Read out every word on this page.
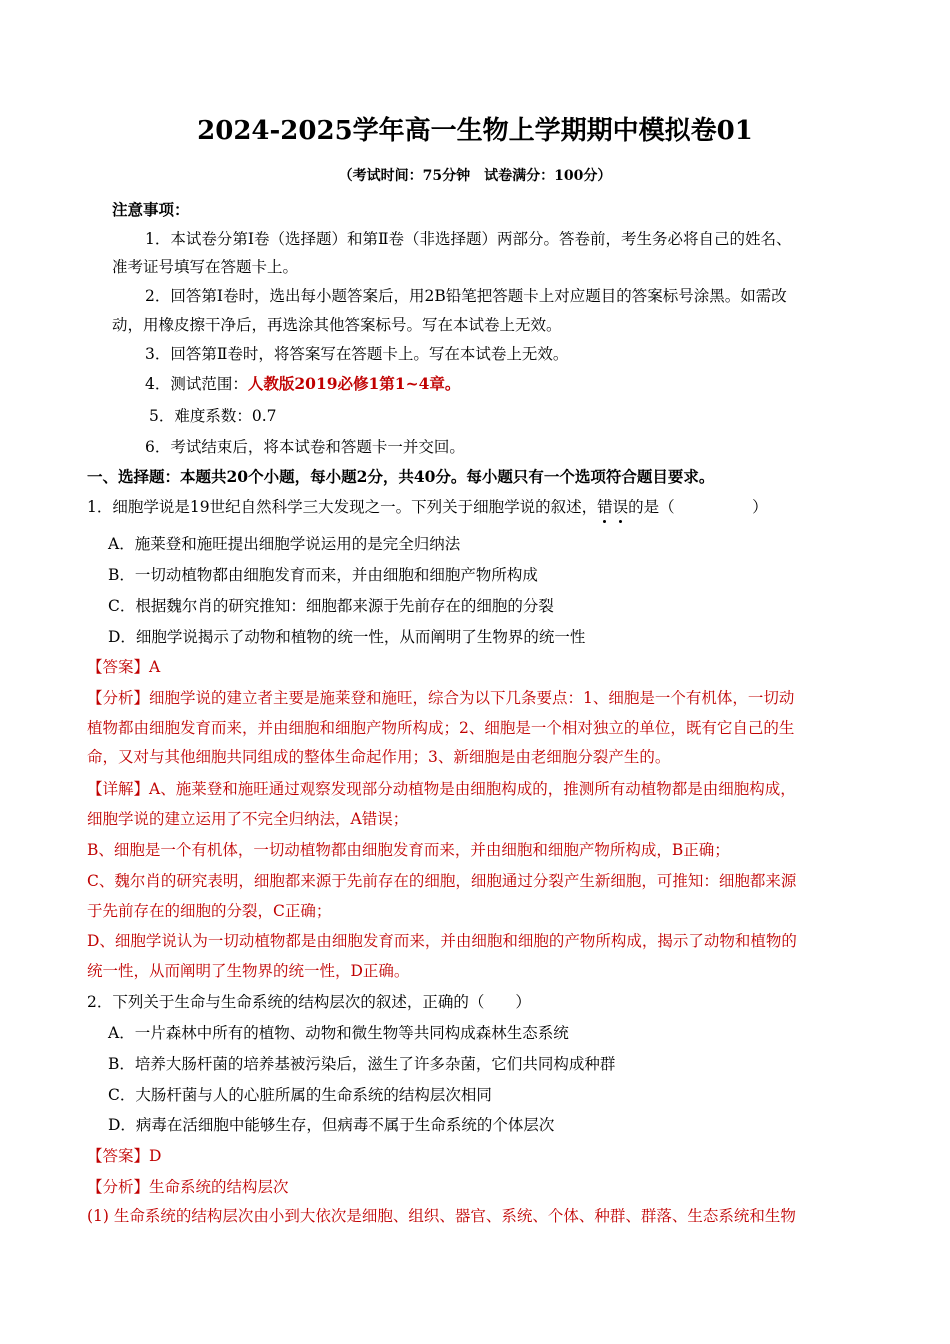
2024-2025学年高一生物上学期期中模拟卷01
（考试时间：75分钟　试卷满分：100分）
注意事项：
1．本试卷分第Ⅰ卷（选择题）和第Ⅱ卷（非选择题）两部分。答卷前，考生务必将自己的姓名、
准考证号填写在答题卡上。
2．回答第Ⅰ卷时，选出每小题答案后，用2B铅笔把答题卡上对应题目的答案标号涂黑。如需改
动，用橡皮擦干净后，再选涂其他答案标号。写在本试卷上无效。
3．回答第Ⅱ卷时，将答案写在答题卡上。写在本试卷上无效。
4．测试范围：人教版2019必修1第1~4章。
5．难度系数：0.7
6．考试结束后，将本试卷和答题卡一并交回。
一、选择题：本题共20个小题，每小题2分，共40分。每小题只有一个选项符合题目要求。
1．细胞学说是19世纪自然科学三大发现之一。下列关于细胞学说的叙述，错误的是（　　　　　）
A．施莱登和施旺提出细胞学说运用的是完全归纳法
B．一切动植物都由细胞发育而来，并由细胞和细胞产物所构成
C．根据魏尔肖的研究推知：细胞都来源于先前存在的细胞的分裂
D．细胞学说揭示了动物和植物的统一性，从而阐明了生物界的统一性
【答案】A
【分析】细胞学说的建立者主要是施莱登和施旺，综合为以下几条要点：1、细胞是一个有机体，一切动
植物都由细胞发育而来，并由细胞和细胞产物所构成；2、细胞是一个相对独立的单位，既有它自己的生
命，又对与其他细胞共同组成的整体生命起作用；3、新细胞是由老细胞分裂产生的。
【详解】A、施莱登和施旺通过观察发现部分动植物是由细胞构成的，推测所有动植物都是由细胞构成，
细胞学说的建立运用了不完全归纳法，A错误；
B、细胞是一个有机体，一切动植物都由细胞发育而来，并由细胞和细胞产物所构成，B正确；
C、魏尔肖的研究表明，细胞都来源于先前存在的细胞，细胞通过分裂产生新细胞，可推知：细胞都来源
于先前存在的细胞的分裂，C正确；
D、细胞学说认为一切动植物都是由细胞发育而来，并由细胞和细胞的产物所构成，揭示了动物和植物的
统一性，从而阐明了生物界的统一性，D正确。
2．下列关于生命与生命系统的结构层次的叙述，正确的（　　）
A．一片森林中所有的植物、动物和微生物等共同构成森林生态系统
B．培养大肠杆菌的培养基被污染后，滋生了许多杂菌，它们共同构成种群
C．大肠杆菌与人的心脏所属的生命系统的结构层次相同
D．病毒在活细胞中能够生存，但病毒不属于生命系统的个体层次
【答案】D
【分析】生命系统的结构层次
(1) 生命系统的结构层次由小到大依次是细胞、组织、器官、系统、个体、种群、群落、生态系统和生物
